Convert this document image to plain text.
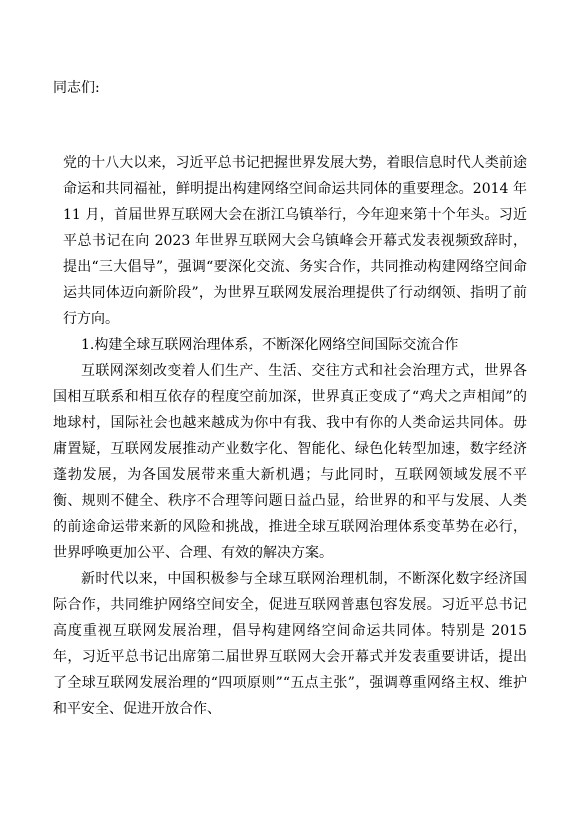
同志们:

党的十八大以来，习近平总书记把握世界发展大势，着眼信息时代人类前途命运和共同福祉，鲜明提出构建网络空间命运共同体的重要理念。2014 年 11 月，首届世界互联网大会在浙江乌镇举行，今年迎来第十个年头。习近平总书记在向 2023 年世界互联网大会乌镇峰会开幕式发表视频致辞时，提出“三大倡导”，强调“要深化交流、务实合作，共同推动构建网络空间命运共同体迈向新阶段”，为世界互联网发展治理提供了行动纲领、指明了前行方向。

1.构建全球互联网治理体系，不断深化网络空间国际交流合作

互联网深刻改变着人们生产、生活、交往方式和社会治理方式，世界各国相互联系和相互依存的程度空前加深，世界真正变成了“鸡犬之声相闻”的地球村，国际社会也越来越成为你中有我、我中有你的人类命运共同体。毋庸置疑，互联网发展推动产业数字化、智能化、绿色化转型加速，数字经济蓬勃发展，为各国发展带来重大新机遇；与此同时，互联网领域发展不平衡、规则不健全、秩序不合理等问题日益凸显，给世界的和平与发展、人类的前途命运带来新的风险和挑战，推进全球互联网治理体系变革势在必行，世界呼唤更加公平、合理、有效的解决方案。

新时代以来，中国积极参与全球互联网治理机制，不断深化数字经济国际合作，共同维护网络空间安全，促进互联网普惠包容发展。习近平总书记高度重视互联网发展治理，倡导构建网络空间命运共同体。特别是 2015 年，习近平总书记出席第二届世界互联网大会开幕式并发表重要讲话，提出了全球互联网发展治理的“四项原则”“五点主张”，强调尊重网络主权、维护和平安全、促进开放合作、
